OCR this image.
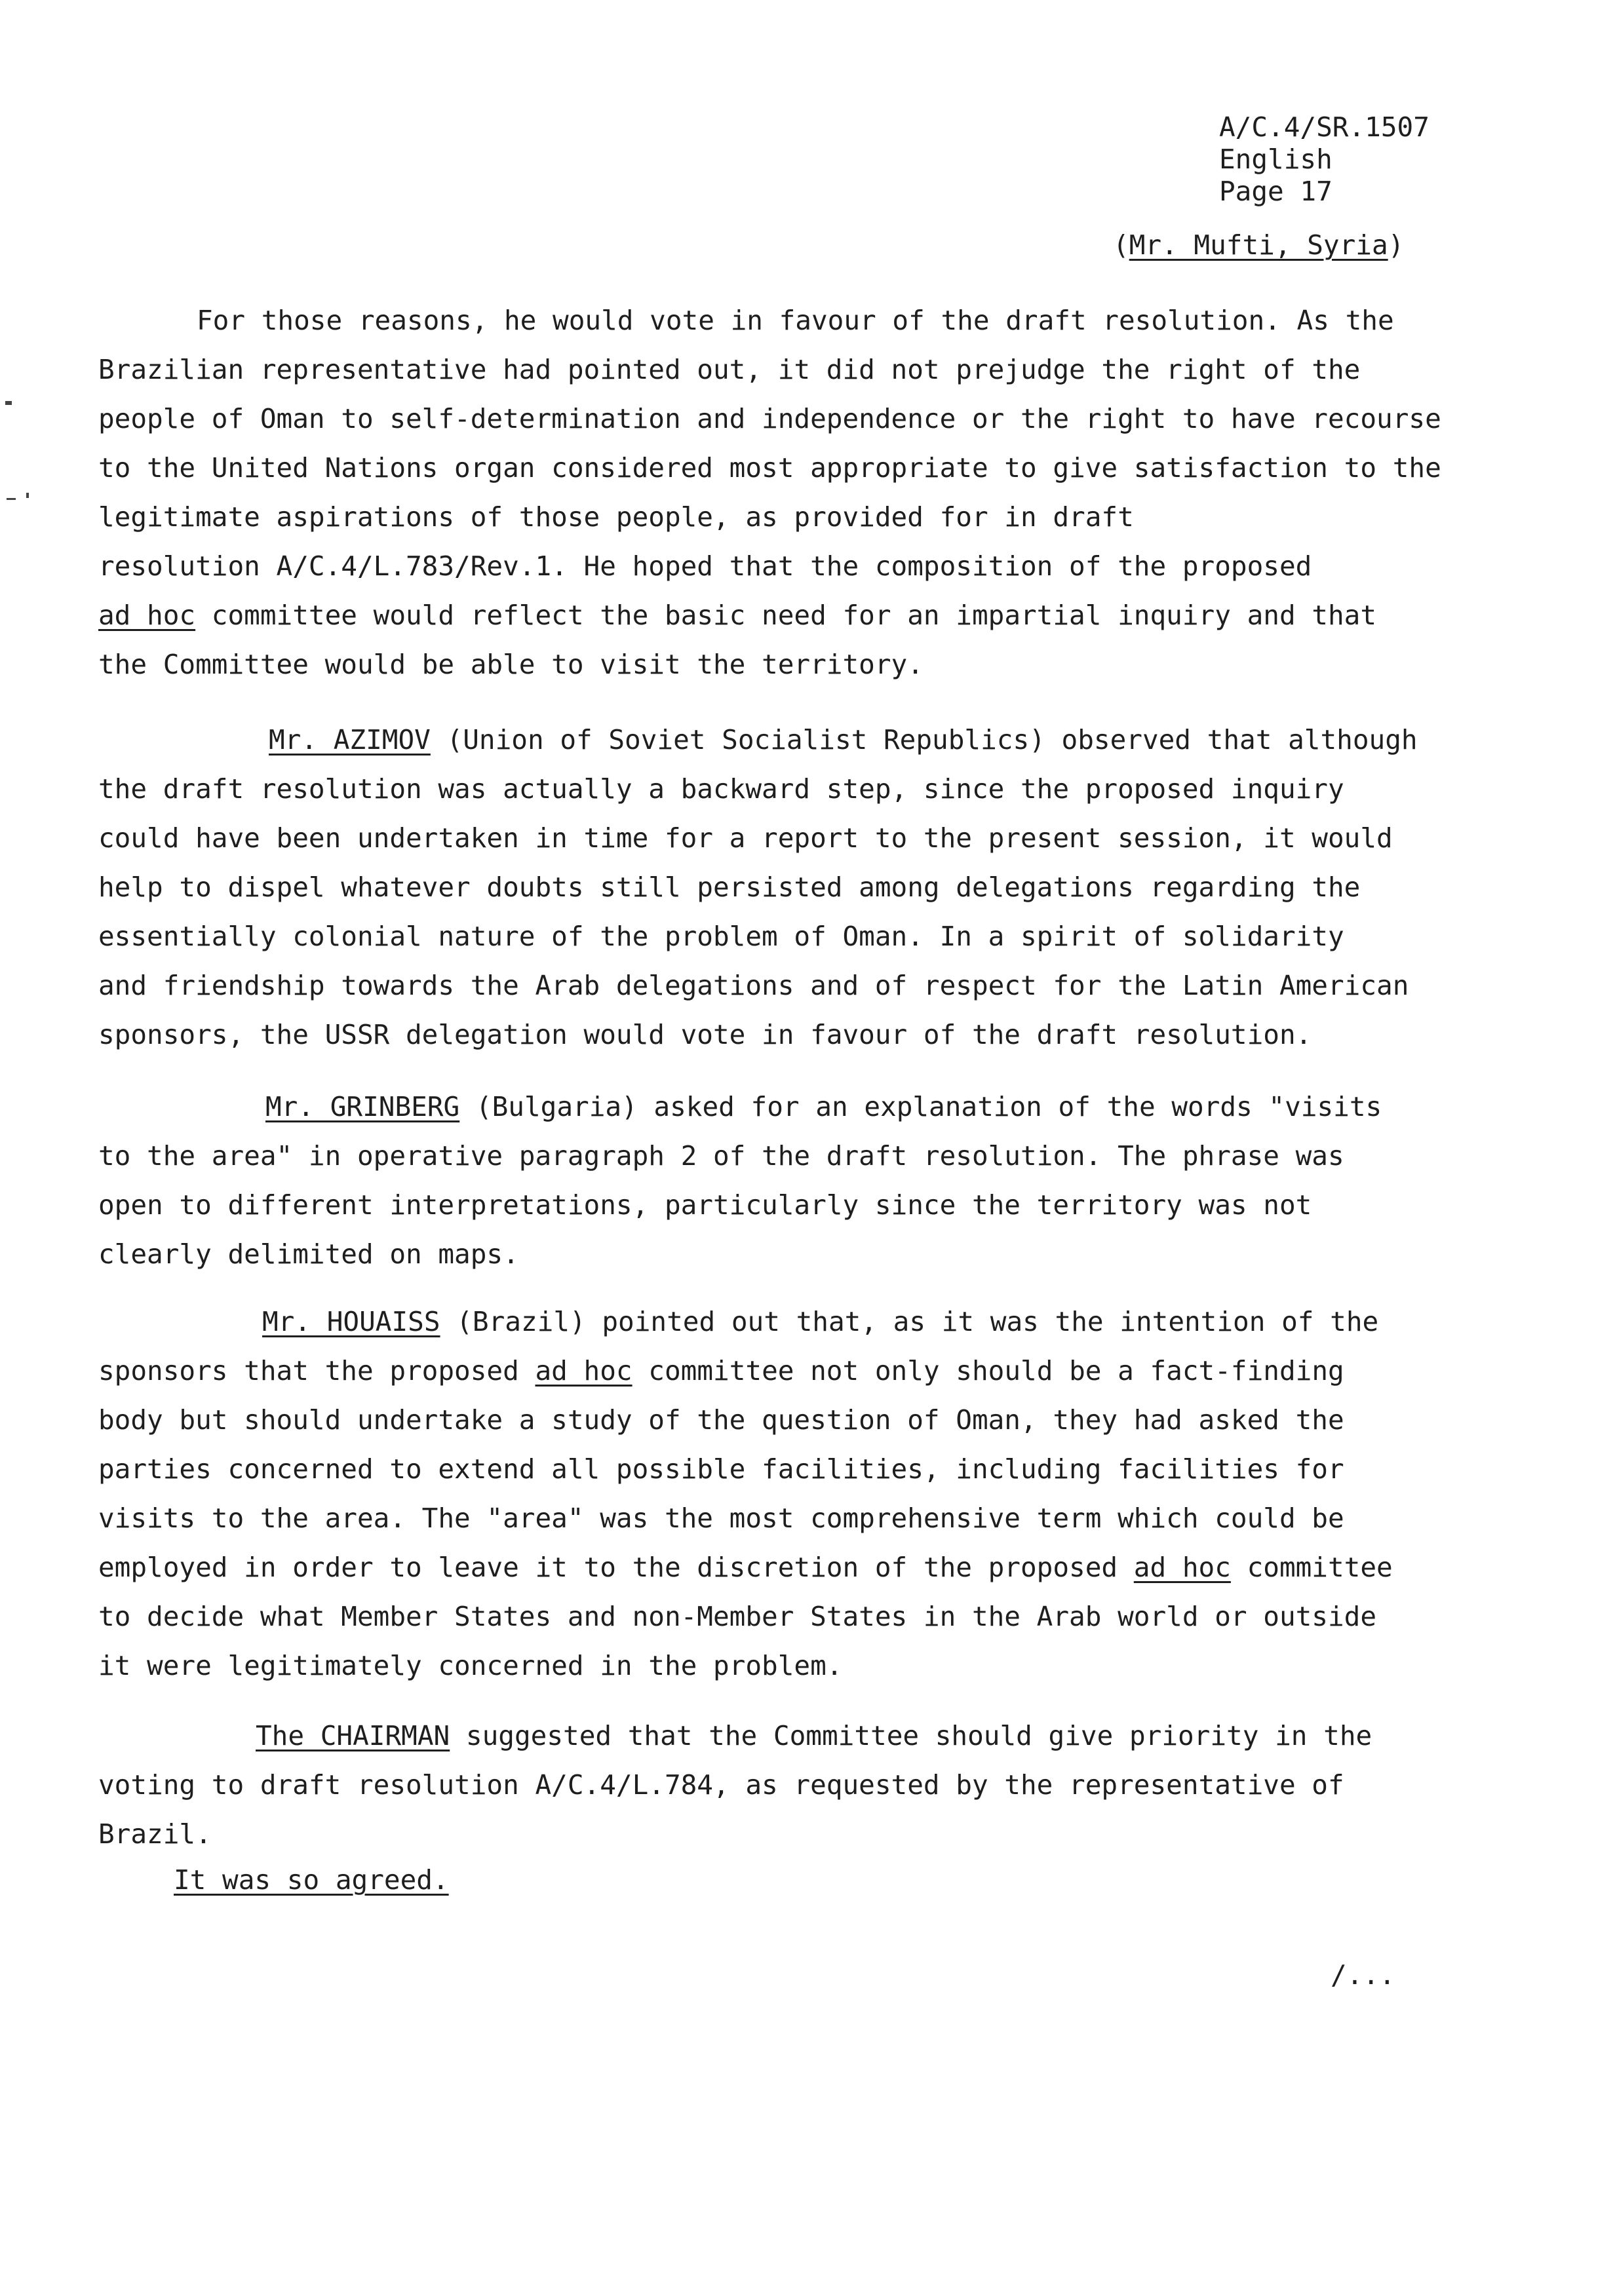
A/C.4/SR.1507
English
Page 17
(Mr. Mufti, Syria)
For those reasons, he would vote in favour of the draft resolution. As the
Brazilian representative had pointed out, it did not prejudge the right of the
people of Oman to self-determination and independence or the right to have recourse
to the United Nations organ considered most appropriate to give satisfaction to the
legitimate aspirations of those people, as provided for in draft
resolution A/C.4/L.783/Rev.1. He hoped that the composition of the proposed
ad hoc committee would reflect the basic need for an impartial inquiry and that
the Committee would be able to visit the territory.
Mr. AZIMOV (Union of Soviet Socialist Republics) observed that although
the draft resolution was actually a backward step, since the proposed inquiry
could have been undertaken in time for a report to the present session, it would
help to dispel whatever doubts still persisted among delegations regarding the
essentially colonial nature of the problem of Oman. In a spirit of solidarity
and friendship towards the Arab delegations and of respect for the Latin American
sponsors, the USSR delegation would vote in favour of the draft resolution.
Mr. GRINBERG (Bulgaria) asked for an explanation of the words "visits
to the area" in operative paragraph 2 of the draft resolution. The phrase was
open to different interpretations, particularly since the territory was not
clearly delimited on maps.
Mr. HOUAISS (Brazil) pointed out that, as it was the intention of the
sponsors that the proposed ad hoc committee not only should be a fact-finding
body but should undertake a study of the question of Oman, they had asked the
parties concerned to extend all possible facilities, including facilities for
visits to the area. The "area" was the most comprehensive term which could be
employed in order to leave it to the discretion of the proposed ad hoc committee
to decide what Member States and non-Member States in the Arab world or outside
it were legitimately concerned in the problem.
The CHAIRMAN suggested that the Committee should give priority in the
voting to draft resolution A/C.4/L.784, as requested by the representative of
Brazil.
It was so agreed.
/...
